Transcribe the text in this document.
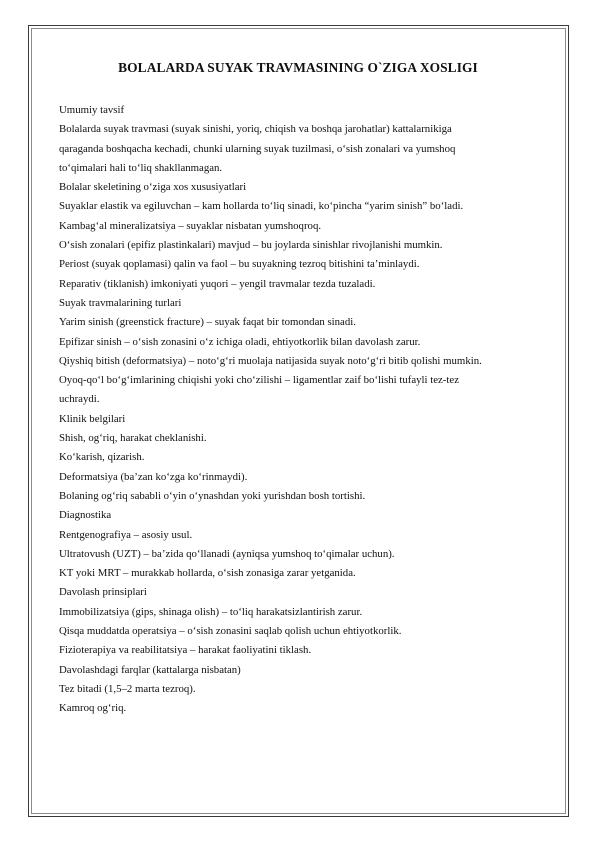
BOLALARDA SUYAK TRAVMASINING O`ZIGA XOSLIGI

Umumiy tavsif

Bolalarda suyak travmasi (suyak sinishi, yoriq, chiqish va boshqa jarohatlar) kattalarnikiga

qaraganda boshqacha kechadi, chunki ularning suyak tuzilmasi, o‘sish zonalari va yumshoq

to‘qimalari hali to‘liq shakllanmagan.

Bolalar skeletining o‘ziga xos xususiyatlari

Suyaklar elastik va egiluvchan – kam hollarda to‘liq sinadi, ko‘pincha “yarim sinish” bo‘ladi.

Kambag‘al mineralizatsiya – suyaklar nisbatan yumshoqroq.

O‘sish zonalari (epifiz plastinkalari) mavjud – bu joylarda sinishlar rivojlanishi mumkin.

Periost (suyak qoplamasi) qalin va faol – bu suyakning tezroq bitishini ta’minlaydi.

Reparativ (tiklanish) imkoniyati yuqori – yengil travmalar tezda tuzaladi.

Suyak travmalarining turlari

Yarim sinish (greenstick fracture) – suyak faqat bir tomondan sinadi.

Epifizar sinish – o‘sish zonasini o‘z ichiga oladi, ehtiyotkorlik bilan davolash zarur.

Qiyshiq bitish (deformatsiya) – noto‘g‘ri muolaja natijasida suyak noto‘g‘ri bitib qolishi mumkin.

Oyoq-qo‘l bo‘g‘imlarining chiqishi yoki cho‘zilishi – ligamentlar zaif bo‘lishi tufayli tez-tez

uchraydi.

Klinik belgilari

Shish, og‘riq, harakat cheklanishi.

Ko‘karish, qizarish.

Deformatsiya (ba’zan ko‘zga ko‘rinmaydi).

Bolaning og‘riq sababli o‘yin o‘ynashdan yoki yurishdan bosh tortishi.

Diagnostika

Rentgenografiya – asosiy usul.

Ultratovush (UZT) – ba’zida qo‘llanadi (ayniqsa yumshoq to‘qimalar uchun).

KT yoki MRT – murakkab hollarda, o‘sish zonasiga zarar yetganida.

Davolash prinsiplari

Immobilizatsiya (gips, shinaga olish) – to‘liq harakatsizlantirish zarur.

Qisqa muddatda operatsiya – o‘sish zonasini saqlab qolish uchun ehtiyotkorlik.

Fizioterapiya va reabilitatsiya – harakat faoliyatini tiklash.

Davolashdagi farqlar (kattalarga nisbatan)

Tez bitadi (1,5–2 marta tezroq).

Kamroq og‘riq.
